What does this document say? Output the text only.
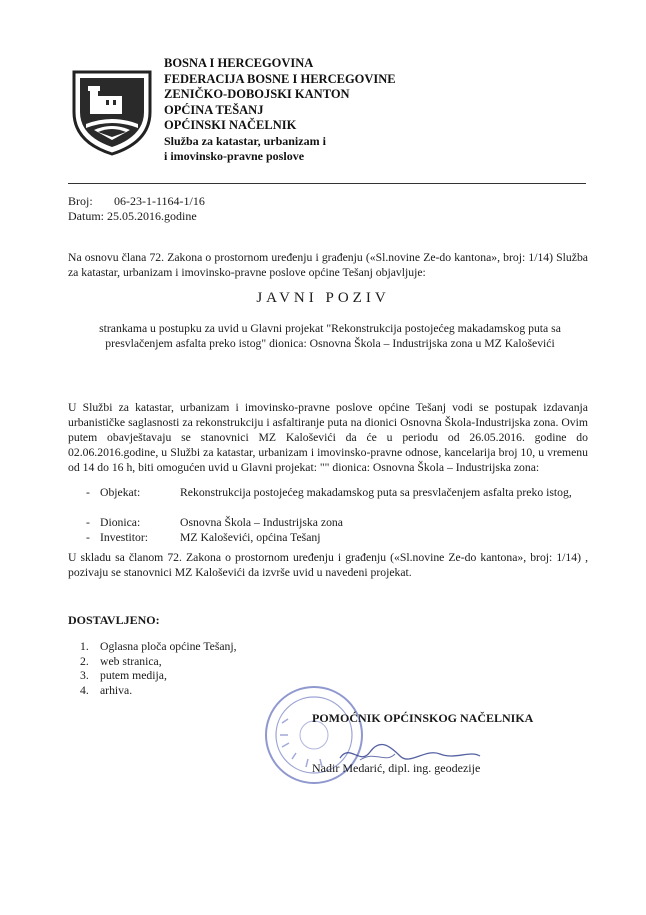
BOSNA I HERCEGOVINA
FEDERACIJA BOSNE I HERCEGOVINE
ZENIČKO-DOBOJSKI KANTON
OPĆINA TEŠANJ
OPĆINSKI NAČELNIK
Služba za katastar, urbanizam i
i imovinsko-pravne poslove
Broj: 06-23-1-1164-1/16
Datum: 25.05.2016.godine
Na osnovu člana 72. Zakona o prostornom uređenju i građenju («Sl.novine Ze-do kantona», broj: 1/14) Služba za katastar, urbanizam i imovinsko-pravne poslove općine Tešanj objavljuje:
JAVNI POZIV
strankama u postupku za uvid u Glavni projekat "Rekonstrukcija postojećeg makadamskog puta sa presvlačenjem asfalta preko istog" dionica: Osnovna Škola – Industrijska zona u MZ Kaloševići
U Službi za katastar, urbanizam i imovinsko-pravne poslove općine Tešanj vodi se postupak izdavanja urbanističke saglasnosti za rekonstrukciju i asfaltiranje puta na dionici Osnovna Škola-Industrijska zona. Ovim putem obavještavaju se stanovnici MZ Kaloševići da će u periodu od 26.05.2016. godine do 02.06.2016.godine, u Službi za katastar, urbanizam i imovinsko-pravne odnose, kancelarija broj 10, u vremenu od 14 do 16 h, biti omogućen uvid u Glavni projekat: "" dionica: Osnovna Škola – Industrijska zona:
- Objekat:	Rekonstrukcija postojećeg makadamskog puta sa presvlačenjem asfalta preko istog,
- Dionica:	Osnovna Škola – Industrijska zona
- Investitor:	MZ Kaloševići, općina Tešanj
U skladu sa članom 72. Zakona o prostornom uređenju i građenju («Sl.novine Ze-do kantona», broj: 1/14) , pozivaju se stanovnici MZ Kaloševići da izvrše uvid u navedeni projekat.
DOSTAVLJENO:
1. Oglasna ploča općine Tešanj,
2. web stranica,
3. putem medija,
4. arhiva.
POMOĆNIK OPĆINSKOG NAČELNIKA
Nadir Medarić, dipl. ing. geodezije
